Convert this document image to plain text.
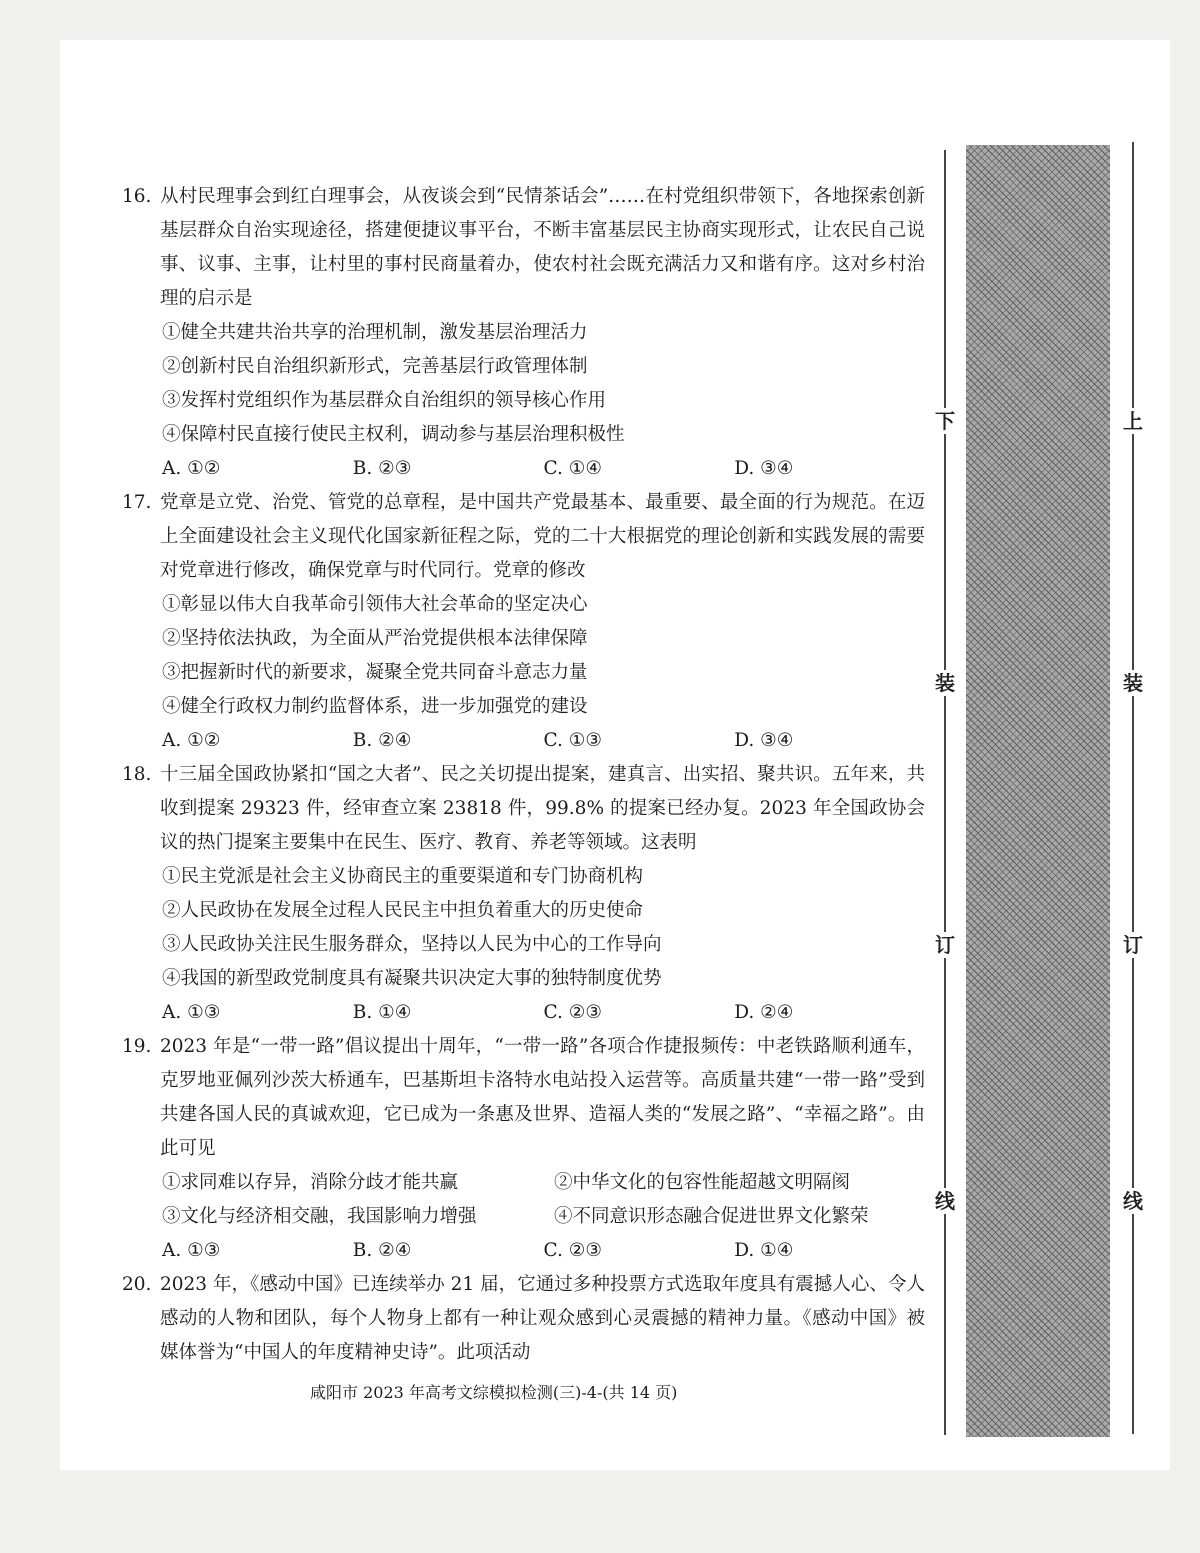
16. 从村民理事会到红白理事会，从夜谈会到“民情茶话会”……在村党组织带领下，各地探索创新基层群众自治实现途径，搭建便捷议事平台，不断丰富基层民主协商实现形式，让农民自己说事、议事、主事，让村里的事村民商量着办，使农村社会既充满活力又和谐有序。这对乡村治理的启示是

①健全共建共治共享的治理机制，激发基层治理活力

②创新村民自治组织新形式，完善基层行政管理体制

③发挥村党组织作为基层群众自治组织的领导核心作用

④保障村民直接行使民主权利，调动参与基层治理积极性

A. ①②	B. ②③	C. ①④	D. ③④

17. 党章是立党、治党、管党的总章程，是中国共产党最基本、最重要、最全面的行为规范。在迈上全面建设社会主义现代化国家新征程之际，党的二十大根据党的理论创新和实践发展的需要对党章进行修改，确保党章与时代同行。党章的修改

①彰显以伟大自我革命引领伟大社会革命的坚定决心

②坚持依法执政，为全面从严治党提供根本法律保障

③把握新时代的新要求，凝聚全党共同奋斗意志力量

④健全行政权力制约监督体系，进一步加强党的建设

A. ①②	B. ②④	C. ①③	D. ③④

18. 十三届全国政协紧扣“国之大者”、民之关切提出提案，建真言、出实招、聚共识。五年来，共收到提案 29323 件，经审查立案 23818 件，99.8% 的提案已经办复。2023 年全国政协会议的热门提案主要集中在民生、医疗、教育、养老等领域。这表明

①民主党派是社会主义协商民主的重要渠道和专门协商机构

②人民政协在发展全过程人民民主中担负着重大的历史使命

③人民政协关注民生服务群众，坚持以人民为中心的工作导向

④我国的新型政党制度具有凝聚共识决定大事的独特制度优势

A. ①③	B. ①④	C. ②③	D. ②④

19. 2023 年是“一带一路”倡议提出十周年，“一带一路”各项合作捷报频传：中老铁路顺利通车，克罗地亚佩列沙茨大桥通车，巴基斯坦卡洛特水电站投入运营等。高质量共建“一带一路”受到共建各国人民的真诚欢迎，它已成为一条惠及世界、造福人类的“发展之路”、“幸福之路”。由此可见

①求同难以存异，消除分歧才能共赢	②中华文化的包容性能超越文明隔阂
③文化与经济相交融，我国影响力增强	④不同意识形态融合促进世界文化繁荣
A. ①③	B. ②④	C. ②③	D. ①④

20. 2023 年，《感动中国》已连续举办 21 届，它通过多种投票方式选取年度具有震撼人心、令人感动的人物和团队，每个人物身上都有一种让观众感到心灵震撼的精神力量。《感动中国》被媒体誉为“中国人的年度精神史诗”。此项活动

咸阳市 2023 年高考文综模拟检测(三)-4-(共 14 页)
下
装
订
线
上
装
订
线
